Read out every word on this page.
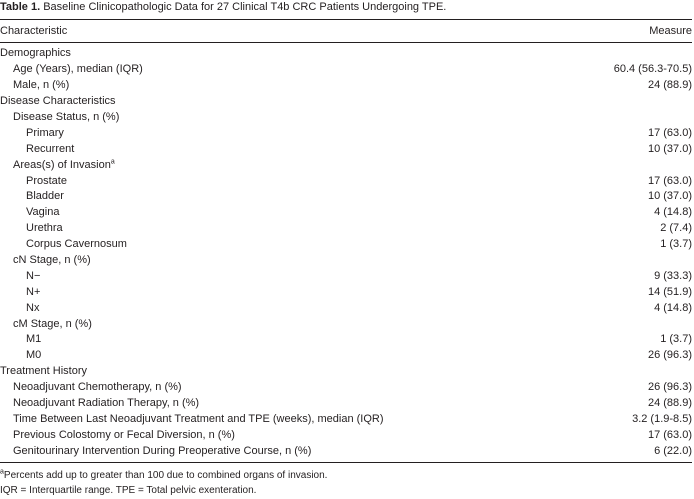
Table 1. Baseline Clinicopathologic Data for 27 Clinical T4b CRC Patients Undergoing TPE.
Characteristic	Measure
Demographics	
Age (Years), median (IQR)	60.4 (56.3-70.5)
Male, n (%)	24 (88.9)
Disease Characteristics	
Disease Status, n (%)	
Primary	17 (63.0)
Recurrent	10 (37.0)
Areas(s) of Invasion$^a$	
Prostate	17 (63.0)
Bladder	10 (37.0)
Vagina	4 (14.8)
Urethra	2 (7.4)
Corpus Cavernosum	1 (3.7)
cN Stage, n (%)	
N−	9 (33.3)
N+	14 (51.9)
Nx	4 (14.8)
cM Stage, n (%)	
M1	1 (3.7)
M0	26 (96.3)
Treatment History	
Neoadjuvant Chemotherapy, n (%)	26 (96.3)
Neoadjuvant Radiation Therapy, n (%)	24 (88.9)
Time Between Last Neoadjuvant Treatment and TPE (weeks), median (IQR)	3.2 (1.9-8.5)
Previous Colostomy or Fecal Diversion, n (%)	17 (63.0)
Genitourinary Intervention During Preoperative Course, n (%)	6 (22.0)

$^a$Percents add up to greater than 100 due to combined organs of invasion.

IQR = Interquartile range. TPE = Total pelvic exenteration.
